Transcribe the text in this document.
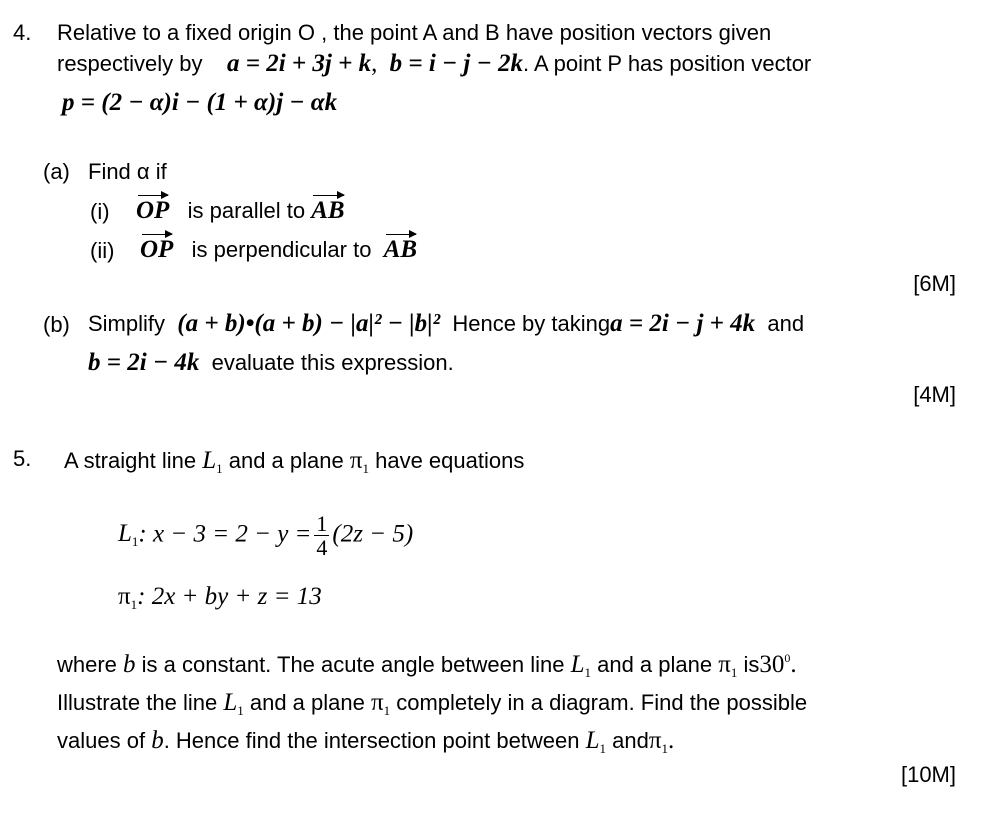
4. Relative to a fixed origin O , the point A and B have position vectors given
respectively by a = 2i + 3j + k, b = i − j − 2k. A point P has position vector
p = (2 − α)i − (1 + α)j − αk
(a) Find α if
(i) OP is parallel to AB
(ii) OP is perpendicular to AB
[6M]
(b) Simplify (a + b)•(a + b) − |a|² − |b|² Hence by takinga = 2i − j + 4k and
b = 2i − 4k evaluate this expression.
[4M]
5. A straight line $L_1$ and a plane $\pi_1$ have equations
$L_1$: $x - 3 = 2 - y = \frac{1}{4} (2z - 5)$
$\pi_1$: 2x + by + z = 13
where b is a constant. The acute angle between line $L_1$ and a plane $\pi_1$ $is30^0$.
Illustrate the line $L_1$ and a plane $\pi_1$ completely in a diagram. Find the possible
values of b. Hence find the intersection point between $L_1$ andπ$_1$.
[10M]
